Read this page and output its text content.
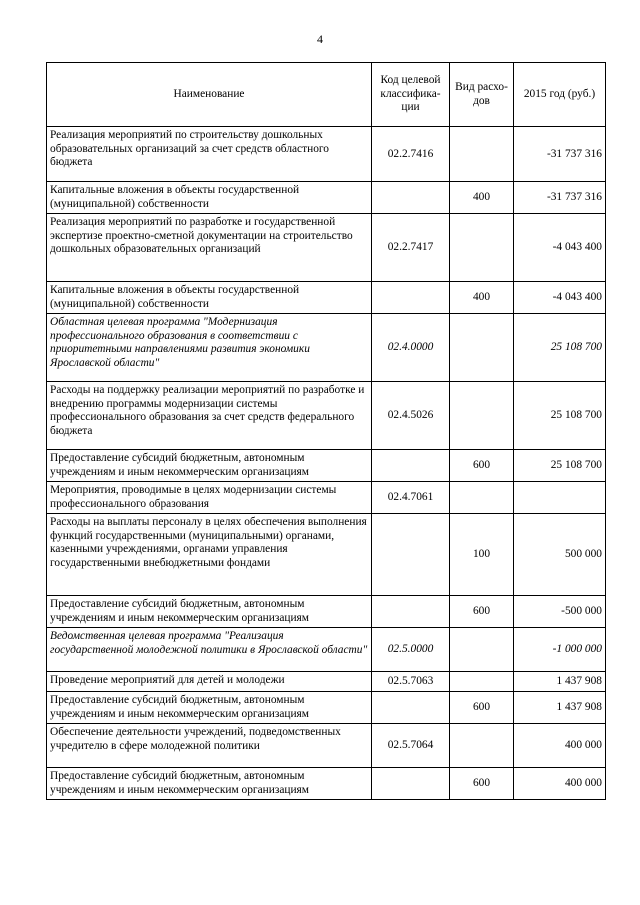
4
Наименование	Код целевой классифика-ции	Вид расхо-дов	2015 год (руб.)
Реализация мероприятий по строительству дошкольных образовательных организаций за счет средств областного бюджета	02.2.7416		-31 737 316
Капитальные вложения в объекты государственной (муниципальной) собственности		400	-31 737 316
Реализация мероприятий по разработке и государственной экспертизе проектно-сметной документации на строительство дошкольных образовательных организаций	02.2.7417		-4 043 400
Капитальные вложения в объекты государственной (муниципальной) собственности		400	-4 043 400
Областная целевая программа "Модернизация профессионального образования в соответствии с приоритетными направлениями развития экономики Ярославской области"	02.4.0000		25 108 700
Расходы на поддержку реализации мероприятий по разработке и внедрению программы модернизации системы профессионального образования за счет средств федерального бюджета	02.4.5026		25 108 700
Предоставление субсидий бюджетным, автономным учреждениям и иным некоммерческим организациям		600	25 108 700
Мероприятия, проводимые в целях модернизации системы профессионального образования	02.4.7061		
Расходы на выплаты персоналу в целях обеспечения выполнения функций государственными (муниципальными) органами, казенными учреждениями, органами управления государственными внебюджетными фондами		100	500 000
Предоставление субсидий бюджетным, автономным учреждениям и иным некоммерческим организациям		600	-500 000
Ведомственная целевая программа "Реализация государственной молодежной политики в Ярославской области"	02.5.0000		-1 000 000
Проведение мероприятий для детей и молодежи	02.5.7063		1 437 908
Предоставление субсидий бюджетным, автономным учреждениям и иным некоммерческим организациям		600	1 437 908
Обеспечение деятельности учреждений, подведомственных учредителю в сфере молодежной политики	02.5.7064		400 000
Предоставление субсидий бюджетным, автономным учреждениям и иным некоммерческим организациям		600	400 000
